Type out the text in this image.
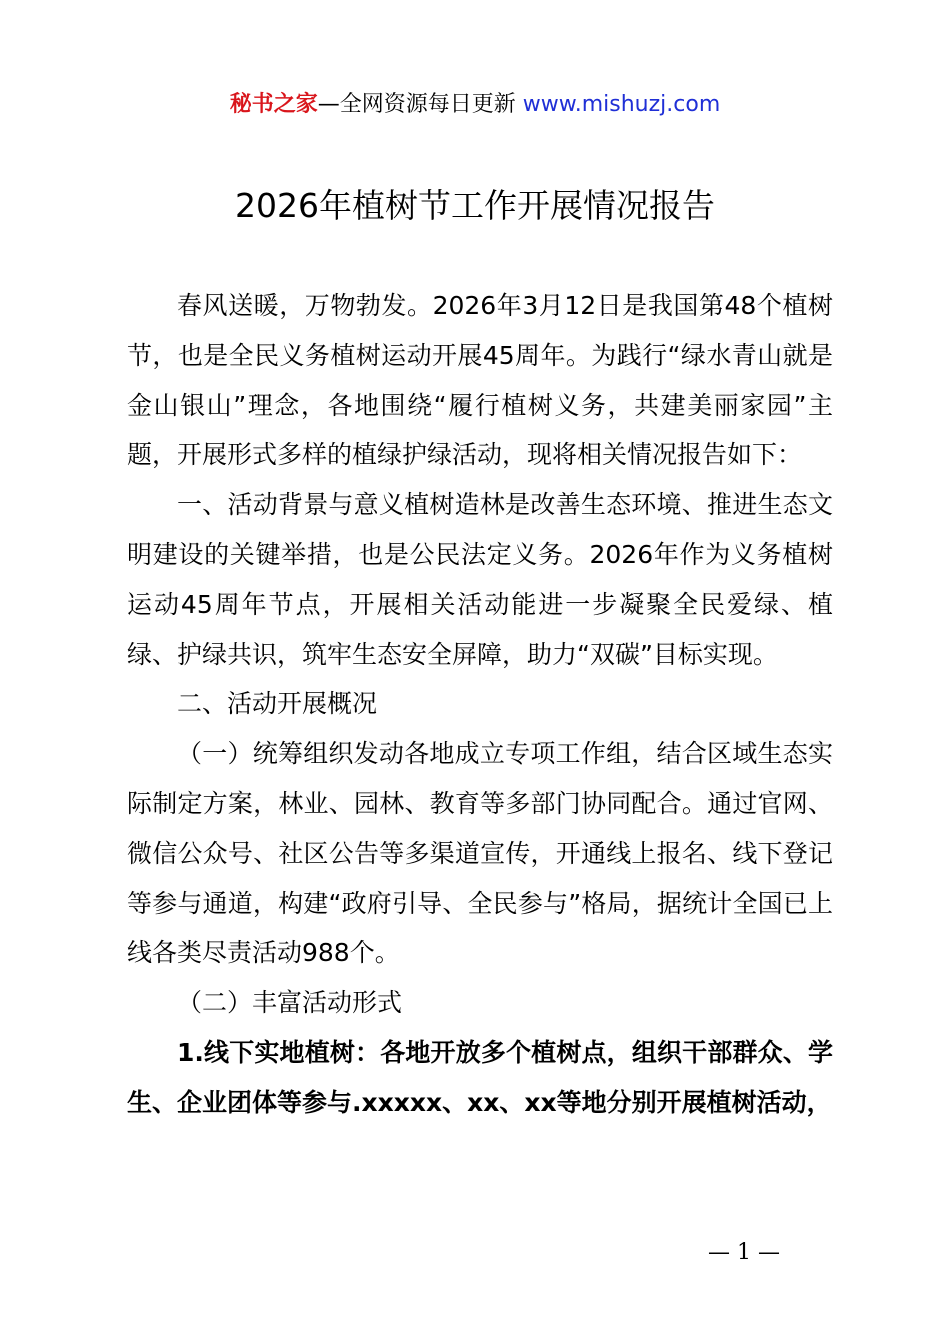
秘书之家—全网资源每日更新 www.mishuzj.com
2026年植树节工作开展情况报告

春风送暖，万物勃发。2026年3月12日是我国第48个植树节，也是全民义务植树运动开展45周年。为践行“绿水青山就是金山银山”理念，各地围绕“履行植树义务，共建美丽家园”主题，开展形式多样的植绿护绿活动，现将相关情况报告如下：

一、活动背景与意义植树造林是改善生态环境、推进生态文明建设的关键举措，也是公民法定义务。2026年作为义务植树运动45周年节点，开展相关活动能进一步凝聚全民爱绿、植绿、护绿共识，筑牢生态安全屏障，助力“双碳”目标实现。

二、活动开展概况

（一）统筹组织发动各地成立专项工作组，结合区域生态实际制定方案，林业、园林、教育等多部门协同配合。通过官网、微信公众号、社区公告等多渠道宣传，开通线上报名、线下登记等参与通道，构建“政府引导、全民参与”格局，据统计全国已上线各类尽责活动988个。

（二）丰富活动形式

1.线下实地植树：各地开放多个植树点，组织干部群众、学生、企业团体等参与.xxxxx、xx、xx等地分别开展植树活动，

— 1 —
